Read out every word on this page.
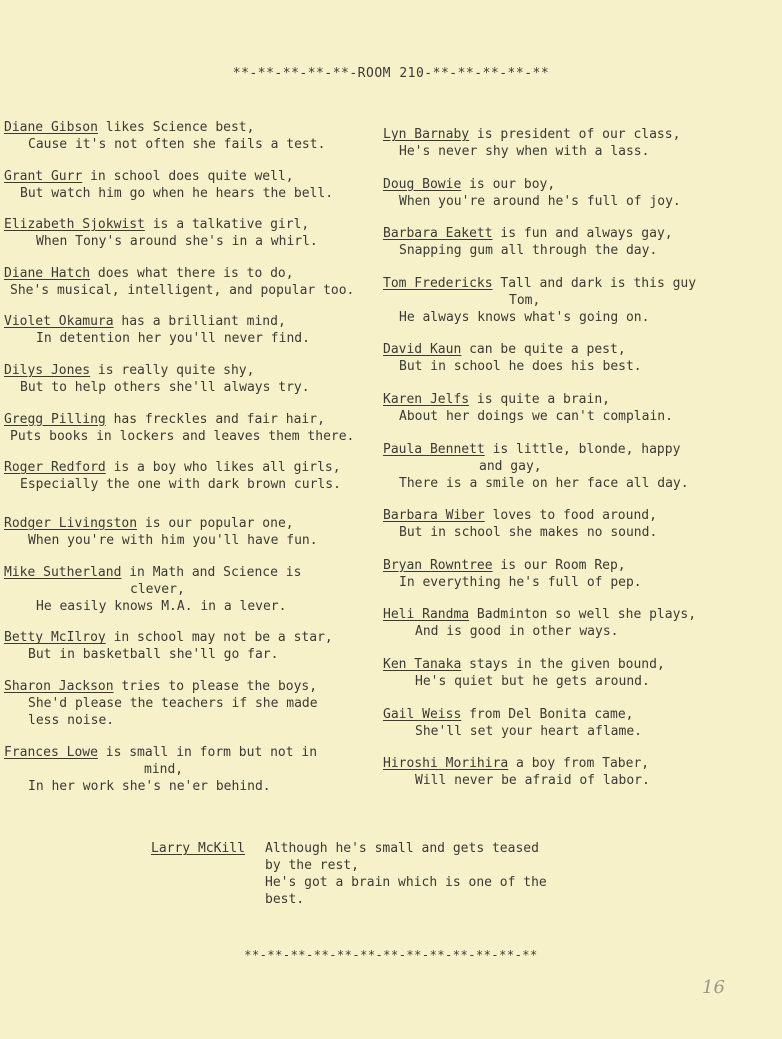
**-**-**-**-**-ROOM 210-**-**-**-**-**
Diane Gibson likes Science best,
Cause it's not often she fails a test.
Grant Gurr in school does quite well,
But watch him go when he hears the bell.
Elizabeth Sjokwist is a talkative girl,
When Tony's around she's in a whirl.
Diane Hatch does what there is to do,
She's musical, intelligent, and popular too.
Violet Okamura has a brilliant mind,
In detention her you'll never find.
Dilys Jones is really quite shy,
But to help others she'll always try.
Gregg Pilling has freckles and fair hair,
Puts books in lockers and leaves them there.
Roger Redford is a boy who likes all girls,
Especially the one with dark brown curls.
Rodger Livingston is our popular one,
When you're with him you'll have fun.
Mike Sutherland in Math and Science is
clever,
He easily knows M.A. in a lever.
Betty McIlroy in school may not be a star,
But in basketball she'll go far.
Sharon Jackson tries to please the boys,
She'd please the teachers if she made
less noise.
Frances Lowe is small in form but not in
mind,
In her work she's ne'er behind.
Lyn Barnaby is president of our class,
He's never shy when with a lass.
Doug Bowie is our boy,
When you're around he's full of joy.
Barbara Eakett is fun and always gay,
Snapping gum all through the day.
Tom Fredericks Tall and dark is this guy
Tom,
He always knows what's going on.
David Kaun can be quite a pest,
But in school he does his best.
Karen Jelfs is quite a brain,
About her doings we can't complain.
Paula Bennett is little, blonde, happy
and gay,
There is a smile on her face all day.
Barbara Wiber loves to food around,
But in school she makes no sound.
Bryan Rowntree is our Room Rep,
In everything he's full of pep.
Heli Randma Badminton so well she plays,
And is good in other ways.
Ken Tanaka stays in the given bound,
He's quiet but he gets around.
Gail Weiss from Del Bonita came,
She'll set your heart aflame.
Hiroshi Morihira a boy from Taber,
Will never be afraid of labor.
Larry McKill	Although he's small and gets teased
by the rest,
He's got a brain which is one of the
best.
**-**-**-**-**-**-**-**-**-**-**-**-**
16
